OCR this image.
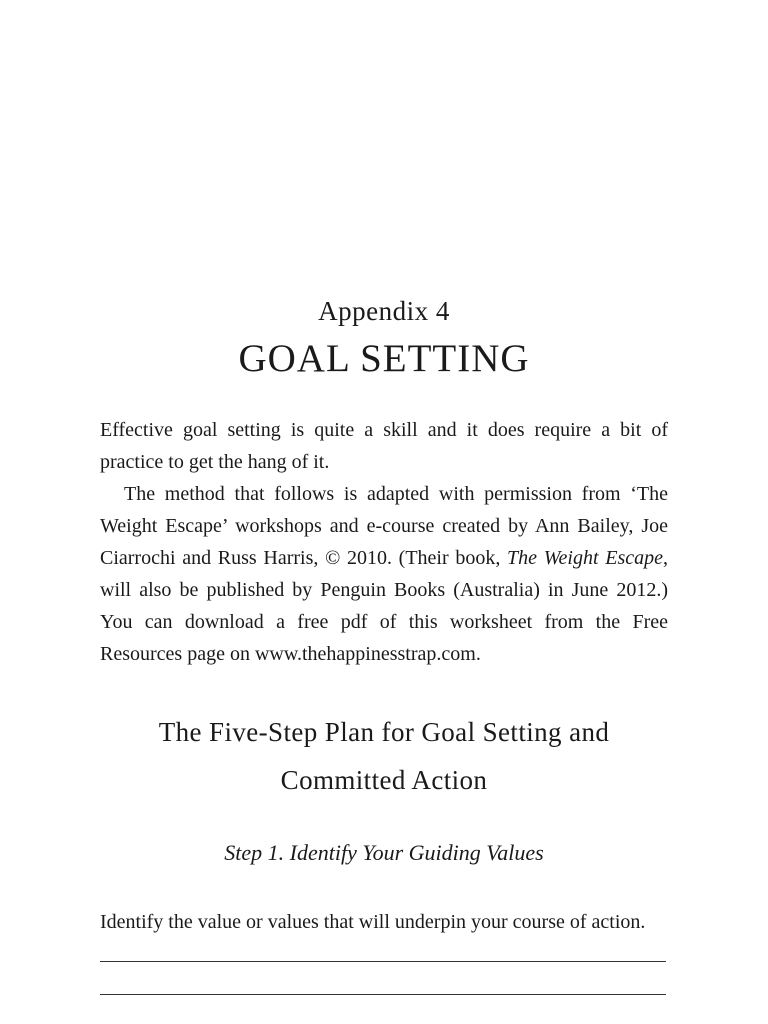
Appendix 4
GOAL SETTING

Effective goal setting is quite a skill and it does require a bit of practice to get the hang of it.

The method that follows is adapted with permission from ‘The Weight Escape’ workshops and e-course created by Ann Bailey, Joe Ciarrochi and Russ Harris, © 2010. (Their book, The Weight Escape, will also be published by Penguin Books (Australia) in June 2012.) You can download a free pdf of this worksheet from the Free Resources page on www.thehappinesstrap.com.

The Five-Step Plan for Goal Setting and
Committed Action
Step 1. Identify Your Guiding Values
Identify the value or values that will underpin your course of action.
